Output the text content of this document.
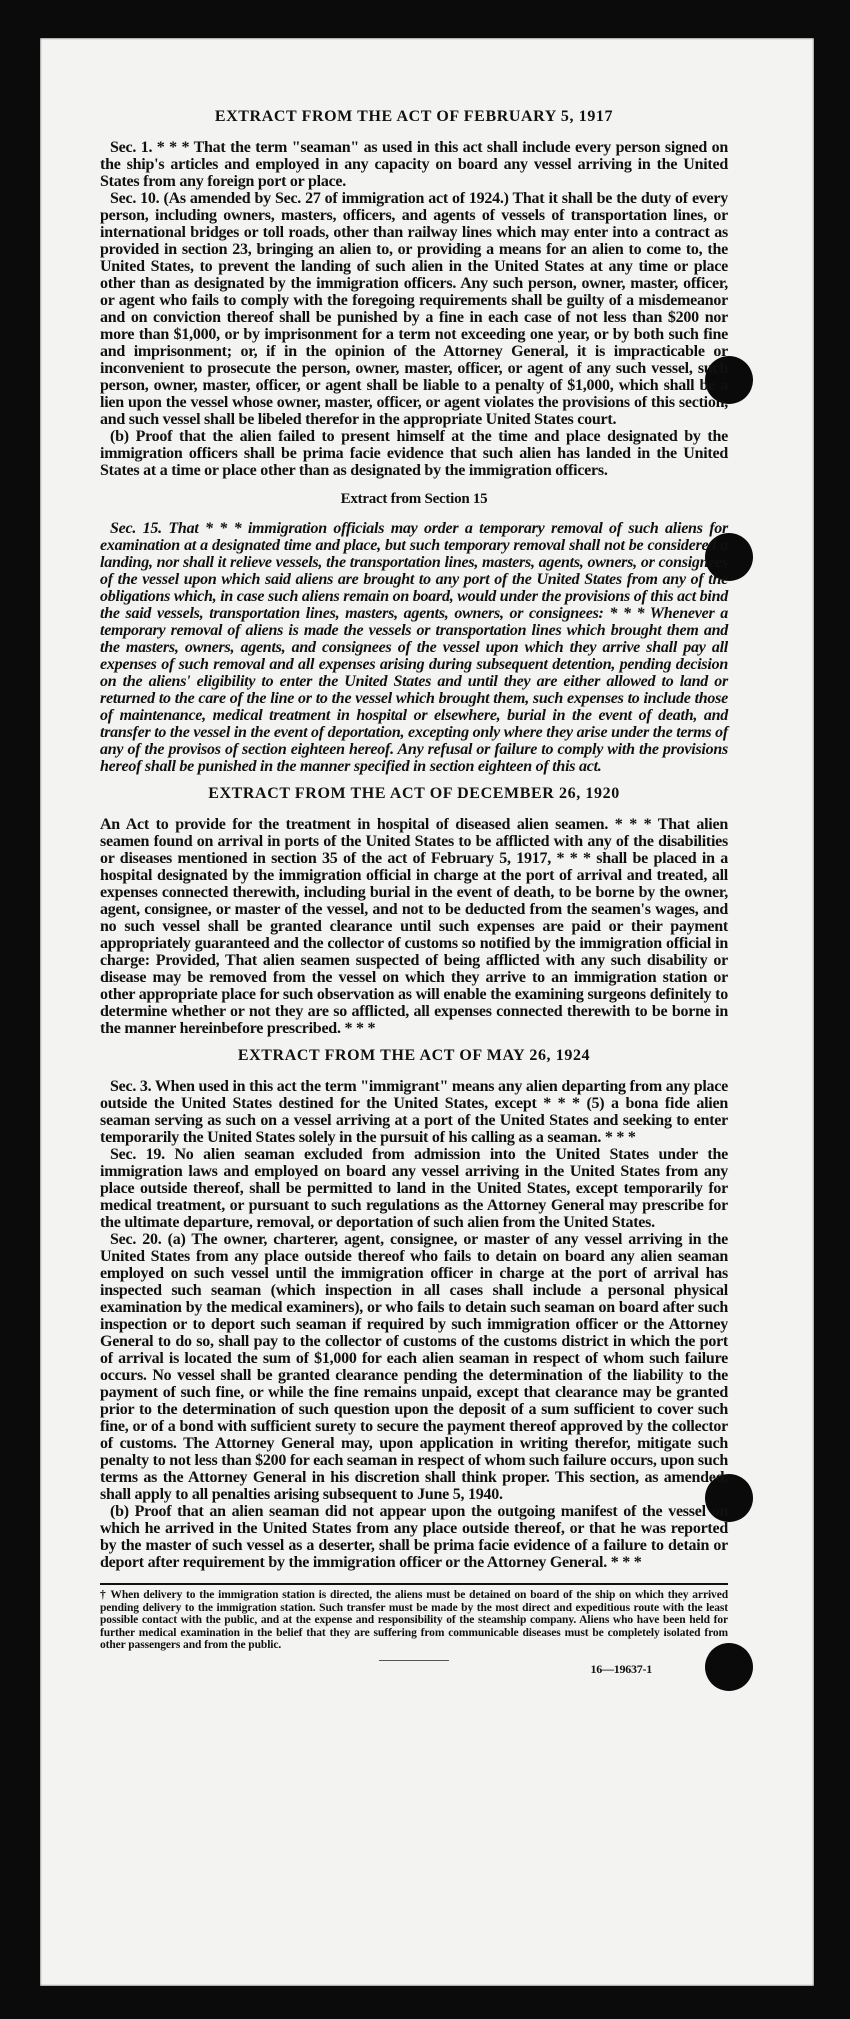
EXTRACT FROM THE ACT OF FEBRUARY 5, 1917

Sec. 1. * * * That the term "seaman" as used in this act shall include every person signed on the ship's articles and employed in any capacity on board any vessel arriving in the United States from any foreign port or place.

Sec. 10. (As amended by Sec. 27 of immigration act of 1924.) That it shall be the duty of every person, including owners, masters, officers, and agents of vessels of transportation lines, or international bridges or toll roads, other than railway lines which may enter into a contract as provided in section 23, bringing an alien to, or providing a means for an alien to come to, the United States, to prevent the landing of such alien in the United States at any time or place other than as designated by the immigration officers. Any such person, owner, master, officer, or agent who fails to comply with the foregoing requirements shall be guilty of a misdemeanor and on conviction thereof shall be punished by a fine in each case of not less than $200 nor more than $1,000, or by imprisonment for a term not exceeding one year, or by both such fine and imprisonment; or, if in the opinion of the Attorney General, it is impracticable or inconvenient to prosecute the person, owner, master, officer, or agent of any such vessel, such person, owner, master, officer, or agent shall be liable to a penalty of $1,000, which shall be a lien upon the vessel whose owner, master, officer, or agent violates the provisions of this section, and such vessel shall be libeled therefor in the appropriate United States court.

(b) Proof that the alien failed to present himself at the time and place designated by the immigration officers shall be prima facie evidence that such alien has landed in the United States at a time or place other than as designated by the immigration officers.

Extract from Section 15

Sec. 15. That * * * immigration officials may order a temporary removal of such aliens for examination at a designated time and place, but such temporary removal shall not be considered a landing, nor shall it relieve vessels, the transportation lines, masters, agents, owners, or consignees of the vessel upon which said aliens are brought to any port of the United States from any of the obligations which, in case such aliens remain on board, would under the provisions of this act bind the said vessels, transportation lines, masters, agents, owners, or consignees: * * * Whenever a temporary removal of aliens is made the vessels or transportation lines which brought them and the masters, owners, agents, and consignees of the vessel upon which they arrive shall pay all expenses of such removal and all expenses arising during subsequent detention, pending decision on the aliens' eligibility to enter the United States and until they are either allowed to land or returned to the care of the line or to the vessel which brought them, such expenses to include those of maintenance, medical treatment in hospital or elsewhere, burial in the event of death, and transfer to the vessel in the event of deportation, excepting only where they arise under the terms of any of the provisos of section eighteen hereof. Any refusal or failure to comply with the provisions hereof shall be punished in the manner specified in section eighteen of this act.

EXTRACT FROM THE ACT OF DECEMBER 26, 1920

An Act to provide for the treatment in hospital of diseased alien seamen. * * * That alien seamen found on arrival in ports of the United States to be afflicted with any of the disabilities or diseases mentioned in section 35 of the act of February 5, 1917, * * * shall be placed in a hospital designated by the immigration official in charge at the port of arrival and treated, all expenses connected therewith, including burial in the event of death, to be borne by the owner, agent, consignee, or master of the vessel, and not to be deducted from the seamen's wages, and no such vessel shall be granted clearance until such expenses are paid or their payment appropriately guaranteed and the collector of customs so notified by the immigration official in charge: Provided, That alien seamen suspected of being afflicted with any such disability or disease may be removed from the vessel on which they arrive to an immigration station or other appropriate place for such observation as will enable the examining surgeons definitely to determine whether or not they are so afflicted, all expenses connected therewith to be borne in the manner hereinbefore prescribed. * * *

EXTRACT FROM THE ACT OF MAY 26, 1924

Sec. 3. When used in this act the term "immigrant" means any alien departing from any place outside the United States destined for the United States, except * * * (5) a bona fide alien seaman serving as such on a vessel arriving at a port of the United States and seeking to enter temporarily the United States solely in the pursuit of his calling as a seaman. * * *

Sec. 19. No alien seaman excluded from admission into the United States under the immigration laws and employed on board any vessel arriving in the United States from any place outside thereof, shall be permitted to land in the United States, except temporarily for medical treatment, or pursuant to such regulations as the Attorney General may prescribe for the ultimate departure, removal, or deportation of such alien from the United States.

Sec. 20. (a) The owner, charterer, agent, consignee, or master of any vessel arriving in the United States from any place outside thereof who fails to detain on board any alien seaman employed on such vessel until the immigration officer in charge at the port of arrival has inspected such seaman (which inspection in all cases shall include a personal physical examination by the medical examiners), or who fails to detain such seaman on board after such inspection or to deport such seaman if required by such immigration officer or the Attorney General to do so, shall pay to the collector of customs of the customs district in which the port of arrival is located the sum of $1,000 for each alien seaman in respect of whom such failure occurs. No vessel shall be granted clearance pending the determination of the liability to the payment of such fine, or while the fine remains unpaid, except that clearance may be granted prior to the determination of such question upon the deposit of a sum sufficient to cover such fine, or of a bond with sufficient surety to secure the payment thereof approved by the collector of customs. The Attorney General may, upon application in writing therefor, mitigate such penalty to not less than $200 for each seaman in respect of whom such failure occurs, upon such terms as the Attorney General in his discretion shall think proper. This section, as amended, shall apply to all penalties arising subsequent to June 5, 1940.

(b) Proof that an alien seaman did not appear upon the outgoing manifest of the vessel on which he arrived in the United States from any place outside thereof, or that he was reported by the master of such vessel as a deserter, shall be prima facie evidence of a failure to detain or deport after requirement by the immigration officer or the Attorney General. * * *

† When delivery to the immigration station is directed, the aliens must be detained on board of the ship on which they arrived pending delivery to the immigration station. Such transfer must be made by the most direct and expeditious route with the least possible contact with the public, and at the expense and responsibility of the steamship company. Aliens who have been held for further medical examination in the belief that they are suffering from communicable diseases must be completely isolated from other passengers and from the public.
16—19637-1
